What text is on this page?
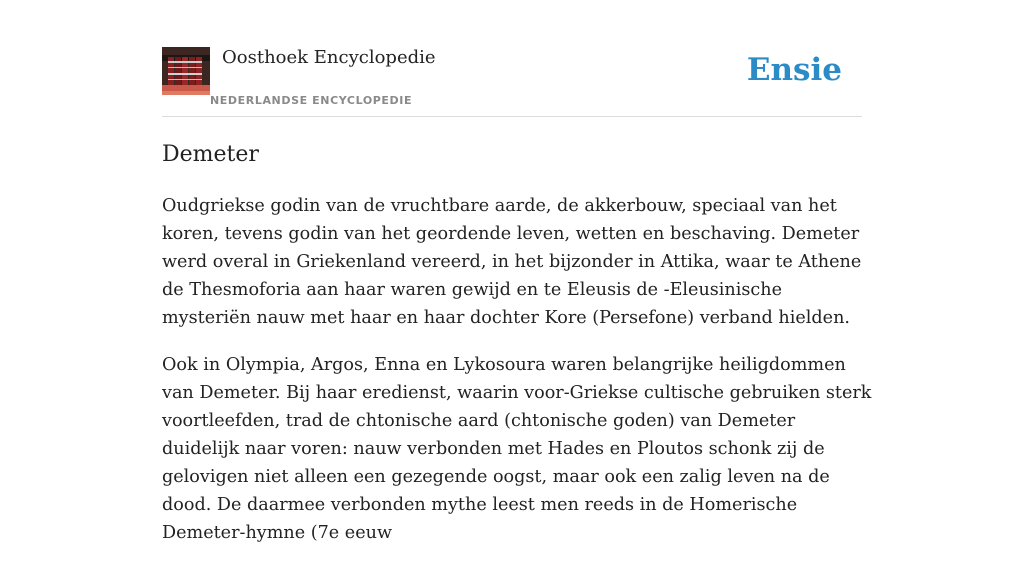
Oosthoek Encyclopedie
NEDERLANDSE ENCYCLOPEDIE
Ensie
Demeter

Oudgriekse godin van de vruchtbare aarde, de akkerbouw, speciaal van het koren, tevens godin van het geordende leven, wetten en beschaving. Demeter werd overal in Griekenland vereerd, in het bijzonder in Attika, waar te Athene de Thesmoforia aan haar waren gewijd en te Eleusis de -Eleusinische mysteriën nauw met haar en haar dochter Kore (Persefone) verband hielden.

Ook in Olympia, Argos, Enna en Lykosoura waren belangrijke heiligdommen van Demeter. Bij haar eredienst, waarin voor-Griekse cultische gebruiken sterk voortleefden, trad de chtonische aard (chtonische goden) van Demeter duidelijk naar voren: nauw verbonden met Hades en Ploutos schonk zij de gelovigen niet alleen een gezegende oogst, maar ook een zalig leven na de dood. De daarmee verbonden mythe leest men reeds in de Homerische Demeter-hymne (7e eeuw
